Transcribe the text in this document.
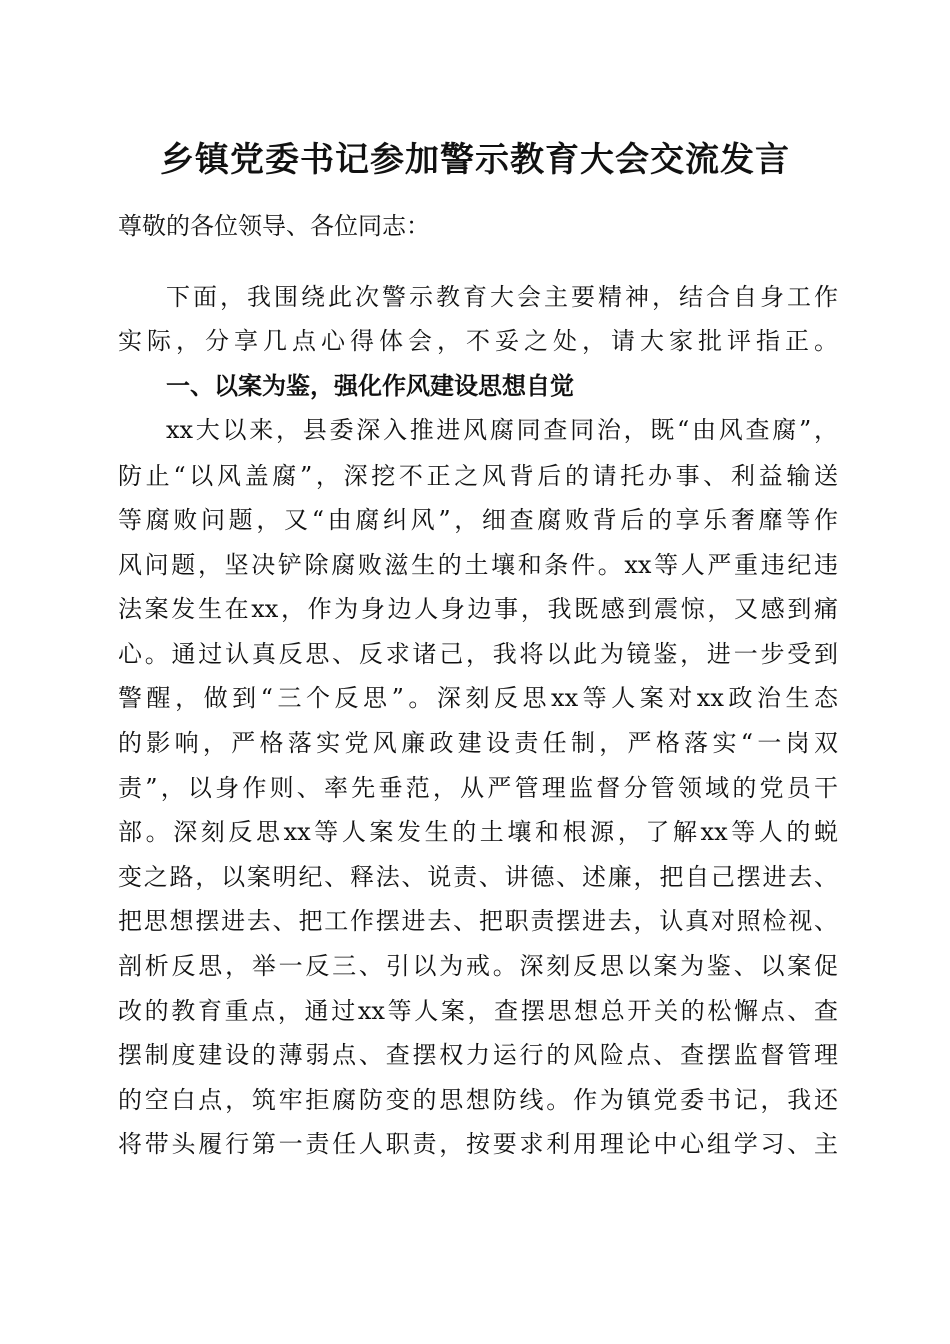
乡镇党委书记参加警示教育大会交流发言
尊敬的各位领导、各位同志：
下面，我围绕此次警示教育大会主要精神，结合自身工作
实际，分享几点心得体会，不妥之处，请大家批评指正。
一、以案为鉴，强化作风建设思想自觉
xx大以来，县委深入推进风腐同查同治，既“由风查腐”，
防止“以风盖腐”，深挖不正之风背后的请托办事、利益输送
等腐败问题，又“由腐纠风”，细查腐败背后的享乐奢靡等作
风问题，坚决铲除腐败滋生的土壤和条件。xx等人严重违纪违
法案发生在xx，作为身边人身边事，我既感到震惊，又感到痛
心。通过认真反思、反求诸己，我将以此为镜鉴，进一步受到
警醒，做到“三个反思”。深刻反思xx等人案对xx政治生态
的影响，严格落实党风廉政建设责任制，严格落实“一岗双
责”，以身作则、率先垂范，从严管理监督分管领域的党员干
部。深刻反思xx等人案发生的土壤和根源，了解xx等人的蜕
变之路，以案明纪、释法、说责、讲德、述廉，把自己摆进去、
把思想摆进去、把工作摆进去、把职责摆进去，认真对照检视、
剖析反思，举一反三、引以为戒。深刻反思以案为鉴、以案促
改的教育重点，通过xx等人案，查摆思想总开关的松懈点、查
摆制度建设的薄弱点、查摆权力运行的风险点、查摆监督管理
的空白点，筑牢拒腐防变的思想防线。作为镇党委书记，我还
将带头履行第一责任人职责，按要求利用理论中心组学习、主
